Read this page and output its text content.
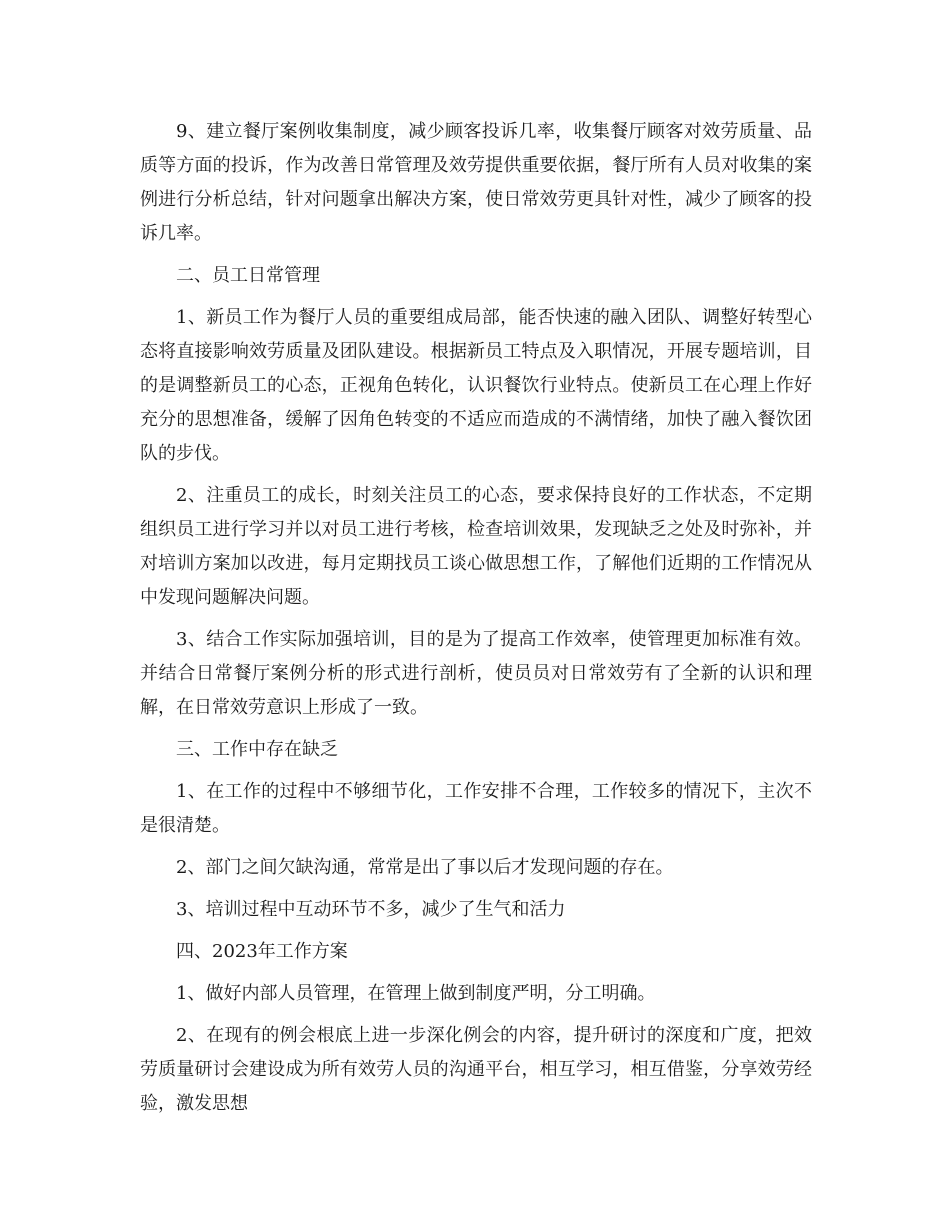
9、建立餐厅案例收集制度，减少顾客投诉几率，收集餐厅顾客对效劳质量、品质等方面的投诉，作为改善日常管理及效劳提供重要依据，餐厅所有人员对收集的案例进行分析总结，针对问题拿出解决方案，使日常效劳更具针对性，减少了顾客的投诉几率。

二、员工日常管理

1、新员工作为餐厅人员的重要组成局部，能否快速的融入团队、调整好转型心态将直接影响效劳质量及团队建设。根据新员工特点及入职情况，开展专题培训，目的是调整新员工的心态，正视角色转化，认识餐饮行业特点。使新员工在心理上作好充分的思想准备，缓解了因角色转变的不适应而造成的不满情绪，加快了融入餐饮团队的步伐。

2、注重员工的成长，时刻关注员工的心态，要求保持良好的工作状态，不定期组织员工进行学习并以对员工进行考核，检查培训效果，发现缺乏之处及时弥补，并对培训方案加以改进，每月定期找员工谈心做思想工作，了解他们近期的工作情况从中发现问题解决问题。

3、结合工作实际加强培训，目的是为了提高工作效率，使管理更加标准有效。并结合日常餐厅案例分析的形式进行剖析，使员员对日常效劳有了全新的认识和理解，在日常效劳意识上形成了一致。

三、工作中存在缺乏

1、在工作的过程中不够细节化，工作安排不合理，工作较多的情况下，主次不是很清楚。

2、部门之间欠缺沟通，常常是出了事以后才发现问题的存在。

3、培训过程中互动环节不多，减少了生气和活力

四、2023年工作方案

1、做好内部人员管理，在管理上做到制度严明，分工明确。

2、在现有的例会根底上进一步深化例会的内容，提升研讨的深度和广度，把效劳质量研讨会建设成为所有效劳人员的沟通平台，相互学习，相互借鉴，分享效劳经验，激发思想
